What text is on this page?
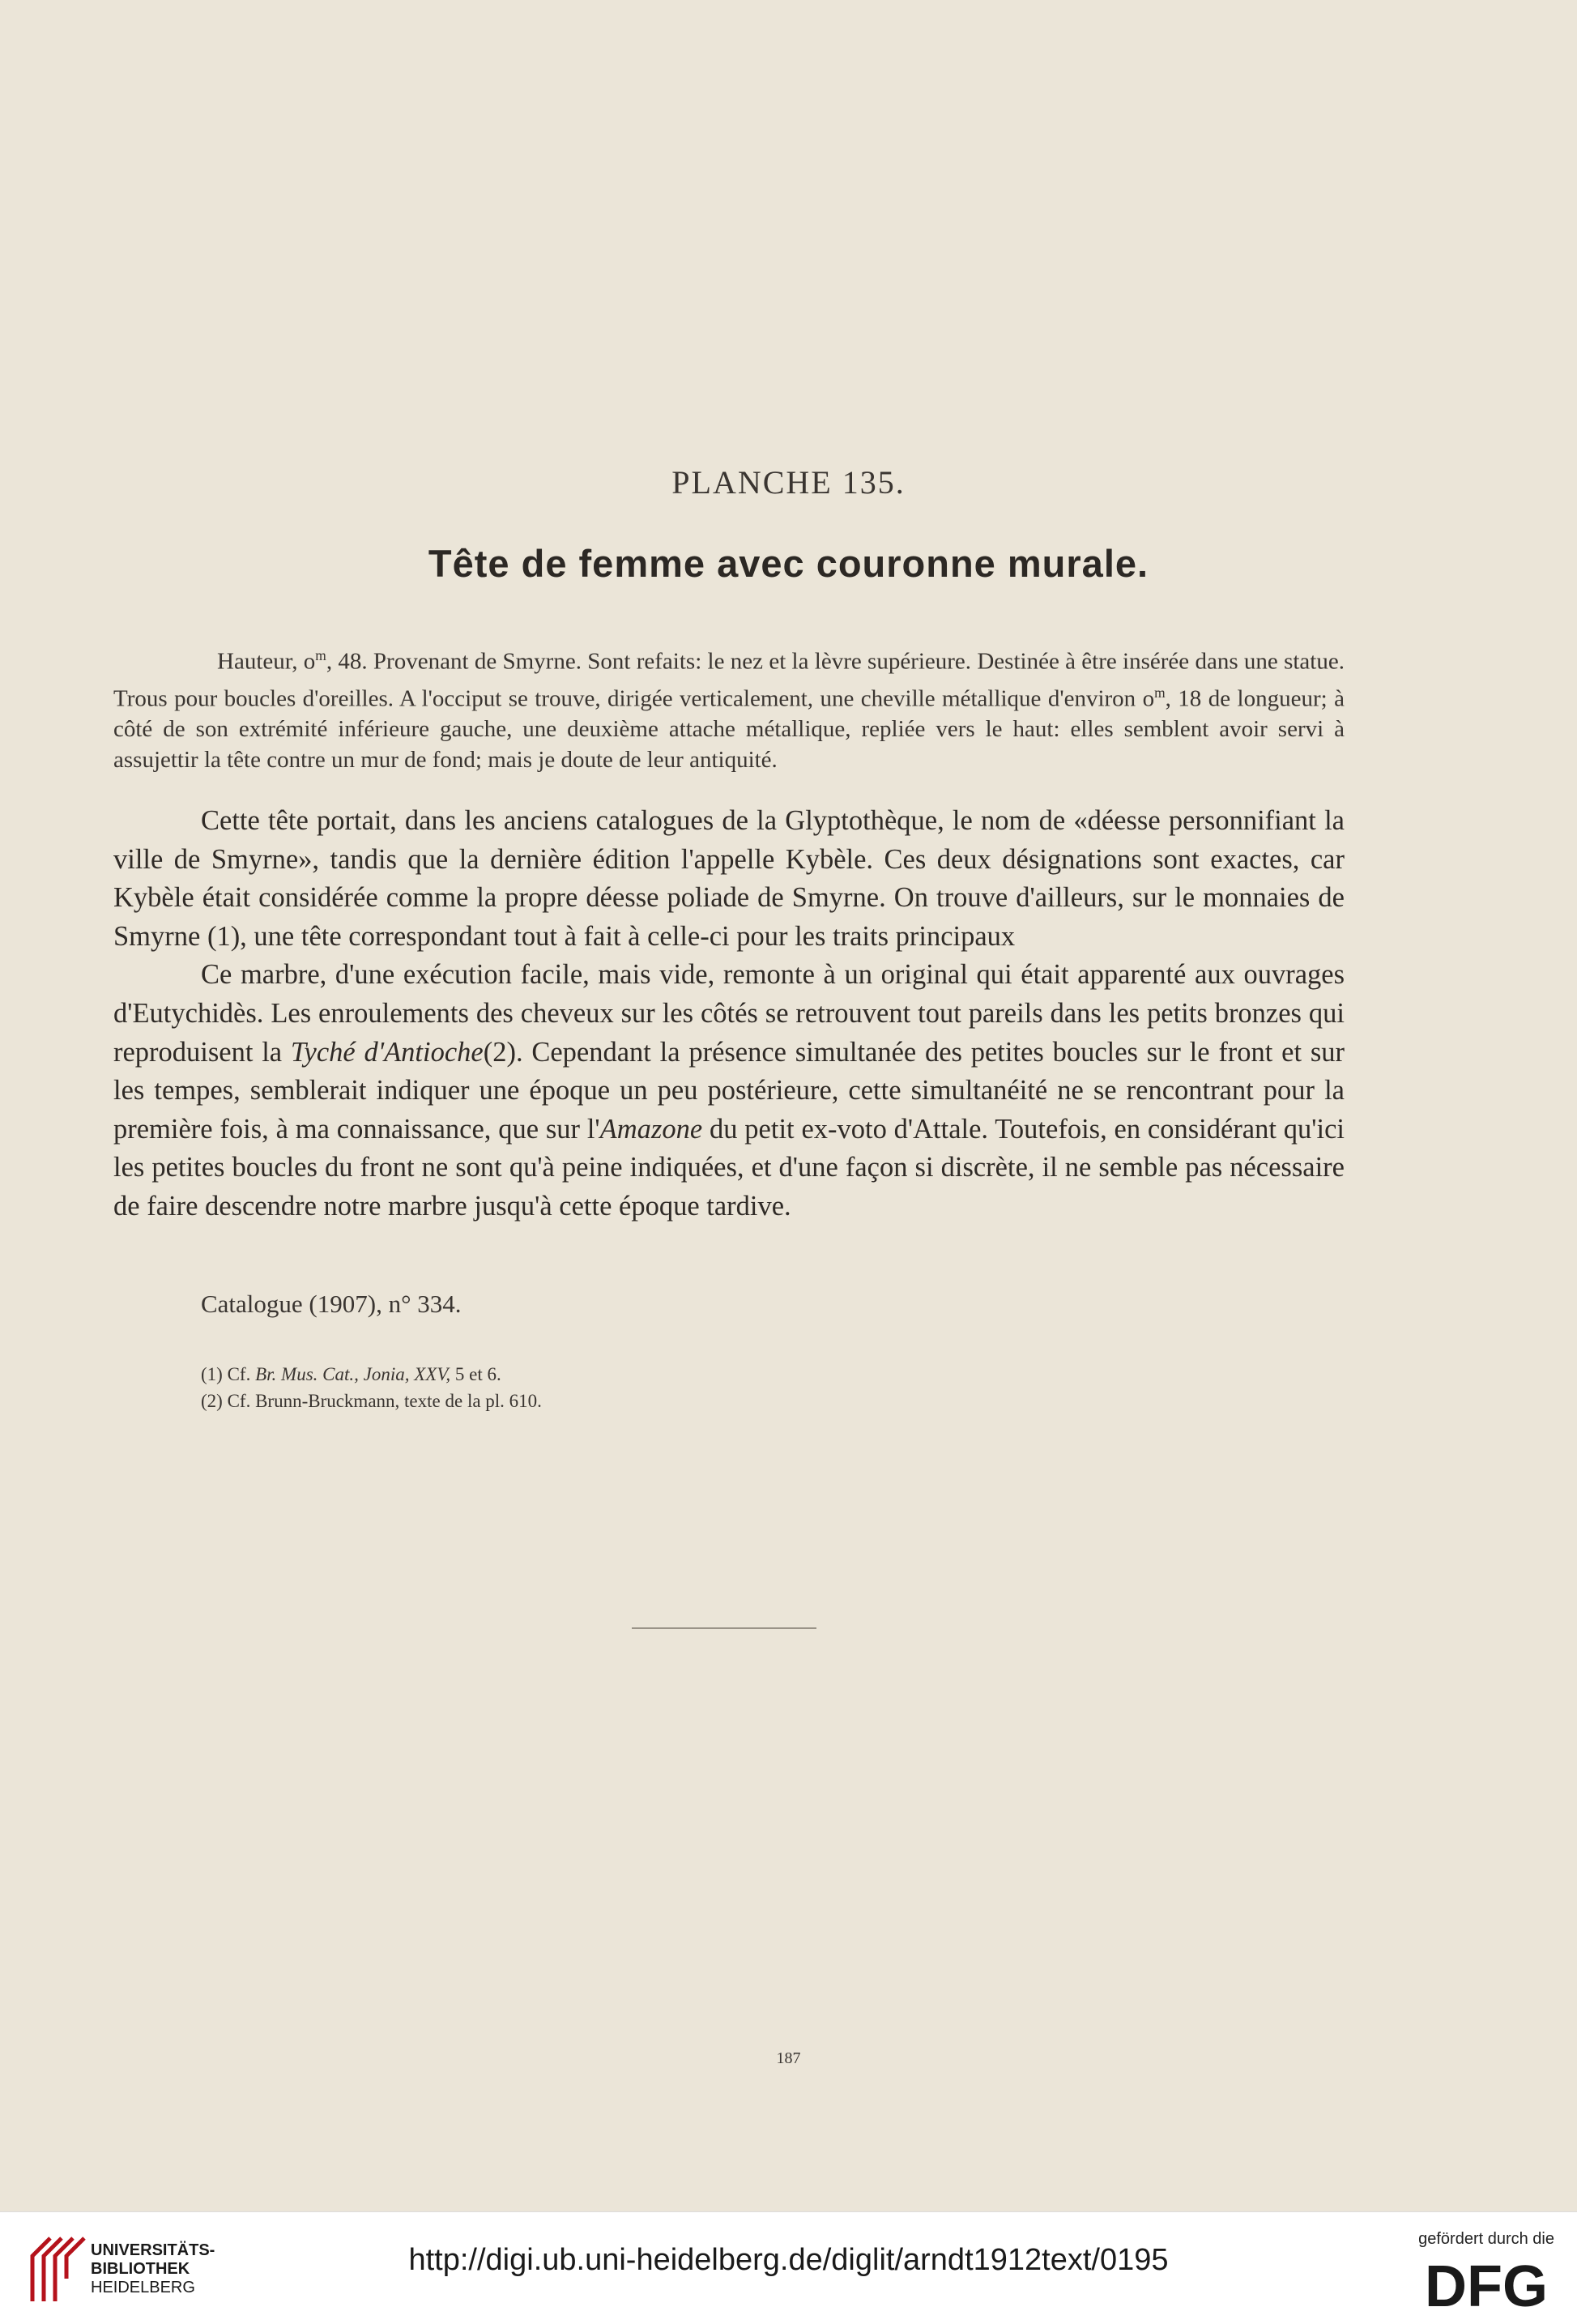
PLANCHE 135.
Tête de femme avec couronne murale.
Hauteur, $o^m$, 48. Provenant de Smyrne. Sont refaits: le nez et la lèvre supérieure. Destinée à être insérée dans une statue. Trous pour boucles d'oreilles. A l'occiput se trouve, dirigée verticalement, une cheville métallique d'environ $o^m$, 18 de longueur; à côté de son extrémité inférieure gauche, une deuxième attache métallique, repliée vers le haut: elles semblent avoir servi à assujettir la tête contre un mur de fond; mais je doute de leur antiquité.

Cette tête portait, dans les anciens catalogues de la Glyptothèque, le nom de «déesse personnifiant la ville de Smyrne», tandis que la dernière édition l'appelle Kybèle. Ces deux désignations sont exactes, car Kybèle était considérée comme la propre déesse poliade de Smyrne. On trouve d'ailleurs, sur le monnaies de Smyrne (1), une tête correspondant tout à fait à celle-ci pour les traits principaux

Ce marbre, d'une exécution facile, mais vide, remonte à un original qui était apparenté aux ouvrages d'Eutychidès. Les enroulements des cheveux sur les côtés se retrouvent tout pareils dans les petits bronzes qui reproduisent la Tyché d'Antioche(2). Cependant la présence simultanée des petites boucles sur le front et sur les tempes, semblerait indiquer une époque un peu postérieure, cette simultanéité ne se rencontrant pour la première fois, à ma connaissance, que sur l'Amazone du petit ex-voto d'Attale. Toutefois, en considérant qu'ici les petites boucles du front ne sont qu'à peine indiquées, et d'une façon si discrète, il ne semble pas nécessaire de faire descendre notre marbre jusqu'à cette époque tardive.

Catalogue (1907), n° 334.
(1) Cf. Br. Mus. Cat., Jonia, XXV, 5 et 6.
(2) Cf. Brunn-Bruckmann, texte de la pl. 610.
187
UNIVERSITÄTS-
BIBLIOTHEK
HEIDELBERG
http://digi.ub.uni-heidelberg.de/diglit/arndt1912text/0195
gefördert durch die
DFG
